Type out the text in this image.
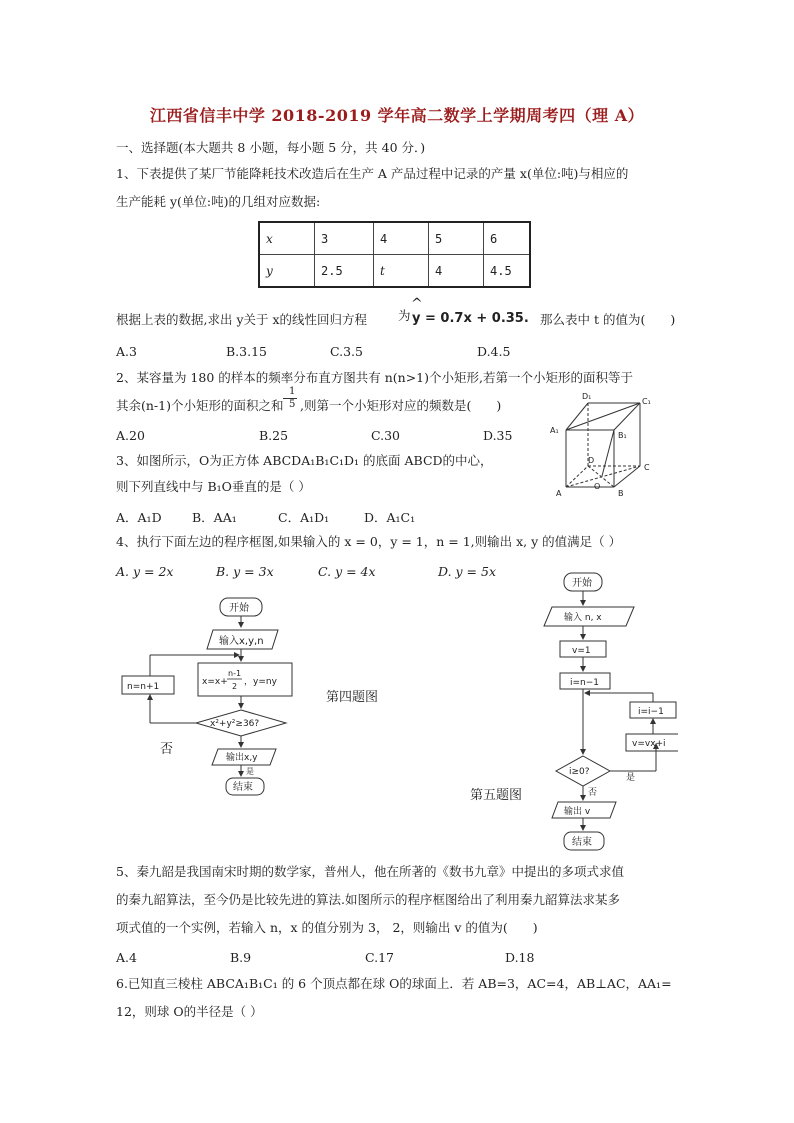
江西省信丰中学 2018-2019 学年高二数学上学期周考四（理 A）
一、选择题(本大题共 8 小题，每小题 5 分，共 40 分．)
1、下表提供了某厂节能降耗技术改造后在生产 A 产品过程中记录的产量 x(单位:吨)与相应的
生产能耗 y(单位:吨)的几组对应数据:
x	3	4	5	6
y	2.5	t	4	4.5
根据上表的数据,求出 y关于 x的线性回归方程
^
为 y = 0.7x + 0.35. 那么表中 t 的值为(　　)
A.3	B.3.15	C.3.5	D.4.5
2、某容量为 180 的样本的频率分布直方图共有 n(n>1)个小矩形,若第一个小矩形的面积等于
其余(n-1)个小矩形的面积之和
1
5 ,则第一个小矩形对应的频数是(　　)
A.20	B.25	C.30	D.35
3、如图所示，O为正方体 ABCDA₁B₁C₁D₁ 的底面 ABCD的中心，
则下列直线中与 B₁O垂直的是（ ）
A．A₁D B．AA₁	C．A₁D₁	D．A₁C₁
D₁
C₁
A₁
B₁
D
C
O
A	B
4、执行下面左边的程序框图,如果输入的 x = 0，y = 1，n = 1,则输出 x, y 的值满足（ ）
A. y = 2x	B. y = 3x	C. y = 4x	D. y = 5x
开始
输入x,y,n
x=x+
n-1
2 ，y=ny
n=n+1
x²+y²≥36?
输出x,y
是
结束
否
第四题图
开始
输入 n, x
v=1
i=n−1
i≥0?
是
否
v=vx+i
i=i−1
输出 v
结束
第五题图
5、秦九韶是我国南宋时期的数学家，普州人，他在所著的《数书九章》中提出的多项式求值
的秦九韶算法，至今仍是比较先进的算法.如图所示的程序框图给出了利用秦九韶算法求某多
项式值的一个实例，若输入 n，x 的值分别为 3， 2，则输出 v 的值为(　　)
A.4	B.9	C.17	D.18
6.已知直三棱柱 ABCA₁B₁C₁ 的 6 个顶点都在球 O的球面上．若 AB=3，AC=4，AB⊥AC，AA₁=
12，则球 O的半径是（ ）
